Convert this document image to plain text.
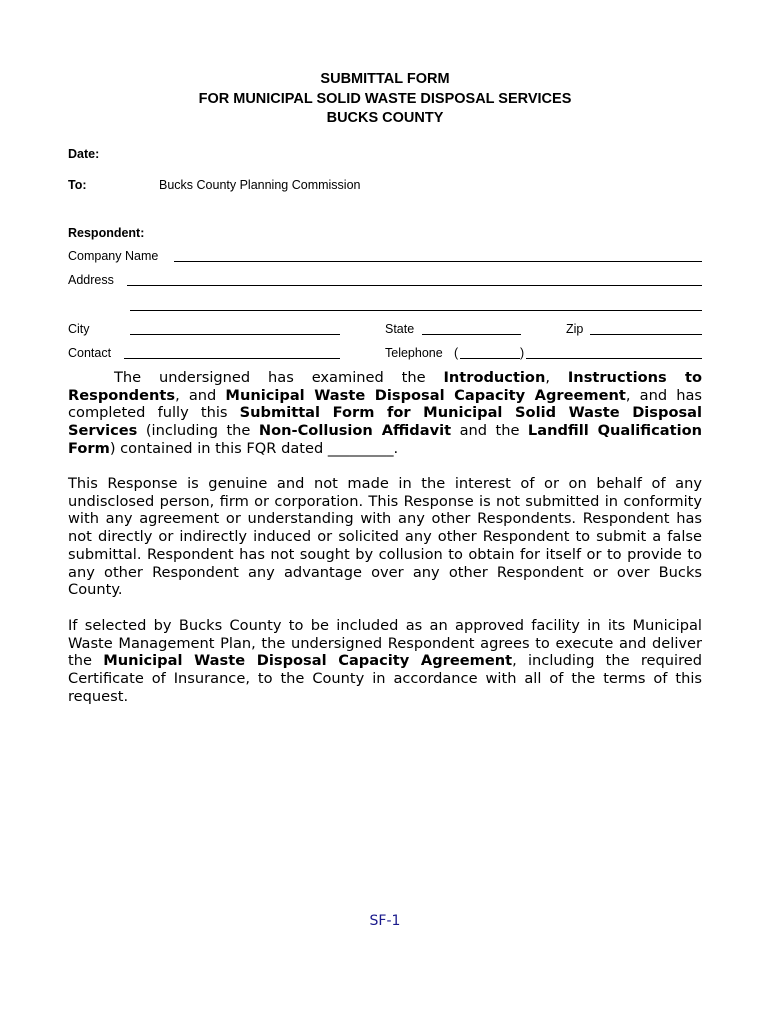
SUBMITTAL FORM
FOR MUNICIPAL SOLID WASTE DISPOSAL SERVICES
BUCKS COUNTY
Date:
To:	Bucks County Planning Commission
Respondent:
Company Name
Address
City	State	Zip
Contact	Telephone (	)

The undersigned has examined the Introduction, Instructions to Respondents, and Municipal Waste Disposal Capacity Agreement, and has completed fully this Submittal Form for Municipal Solid Waste Disposal Services (including the Non-Collusion Affidavit and the Landfill Qualification Form) contained in this FQR dated _________.

This Response is genuine and not made in the interest of or on behalf of any undisclosed person, firm or corporation. This Response is not submitted in conformity with any agreement or understanding with any other Respondents. Respondent has not directly or indirectly induced or solicited any other Respondent to submit a false submittal. Respondent has not sought by collusion to obtain for itself or to provide to any other Respondent any advantage over any other Respondent or over Bucks County.

If selected by Bucks County to be included as an approved facility in its Municipal Waste Management Plan, the undersigned Respondent agrees to execute and deliver the Municipal Waste Disposal Capacity Agreement, including the required Certificate of Insurance, to the County in accordance with all of the terms of this request.

SF-1
